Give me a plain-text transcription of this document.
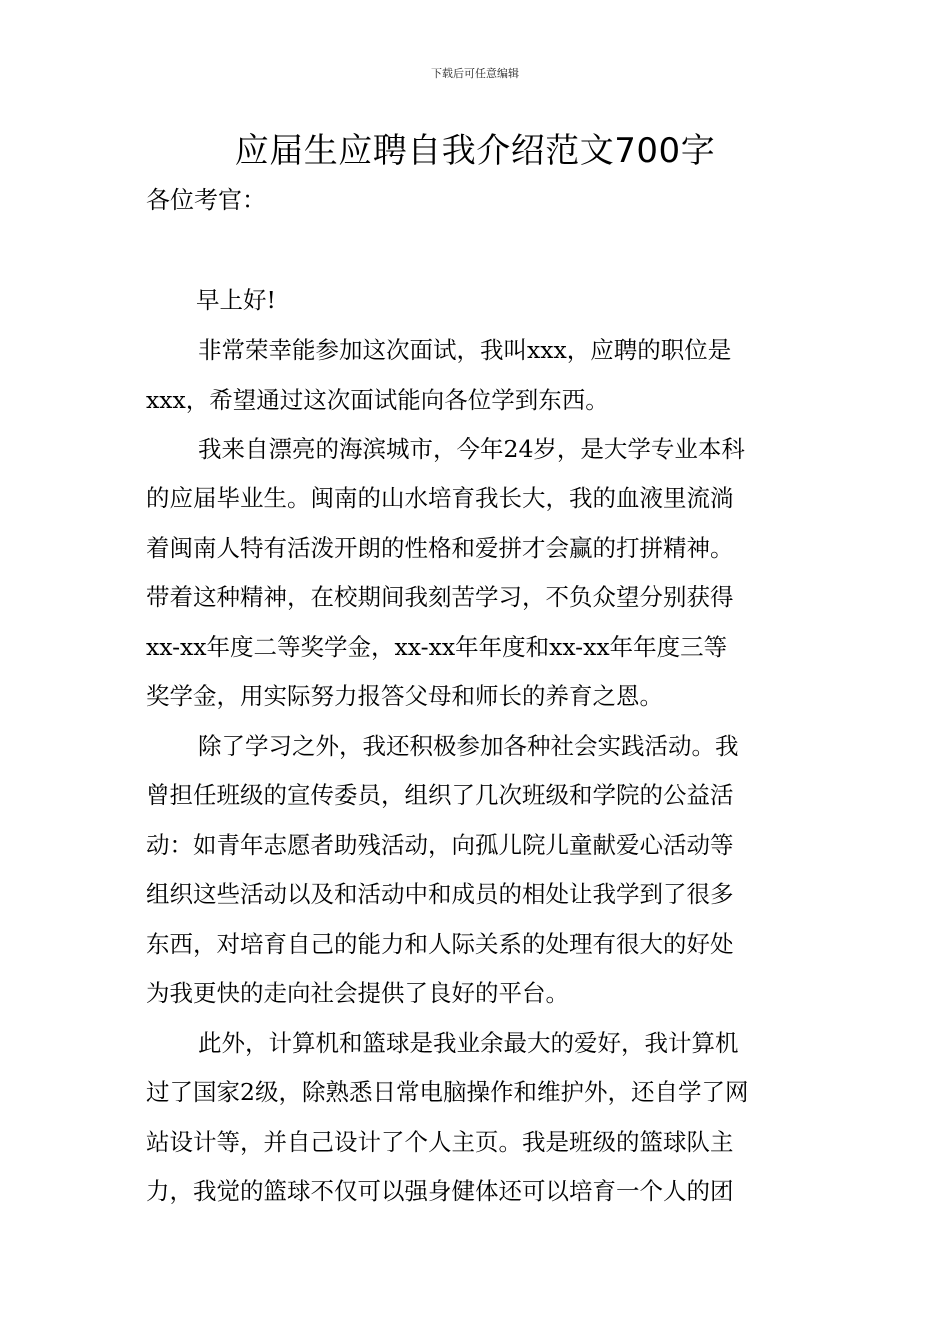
下载后可任意编辑
应届生应聘自我介绍范文700字

各位考官：

早上好!

非常荣幸能参加这次面试，我叫xxx，应聘的职位是

xxx，希望通过这次面试能向各位学到东西。

我来自漂亮的海滨城市，今年24岁，是大学专业本科

的应届毕业生。闽南的山水培育我长大，我的血液里流淌

着闽南人特有活泼开朗的性格和爱拼才会赢的打拼精神。

带着这种精神，在校期间我刻苦学习，不负众望分别获得

xx-xx年度二等奖学金，xx-xx年年度和xx-xx年年度三等

奖学金，用实际努力报答父母和师长的养育之恩。

除了学习之外，我还积极参加各种社会实践活动。我

曾担任班级的宣传委员，组织了几次班级和学院的公益活

动：如青年志愿者助残活动，向孤儿院儿童献爱心活动等

组织这些活动以及和活动中和成员的相处让我学到了很多

东西，对培育自己的能力和人际关系的处理有很大的好处

为我更快的走向社会提供了良好的平台。

此外，计算机和篮球是我业余最大的爱好，我计算机

过了国家2级，除熟悉日常电脑操作和维护外，还自学了网

站设计等，并自己设计了个人主页。我是班级的篮球队主

力，我觉的篮球不仅可以强身健体还可以培育一个人的团
